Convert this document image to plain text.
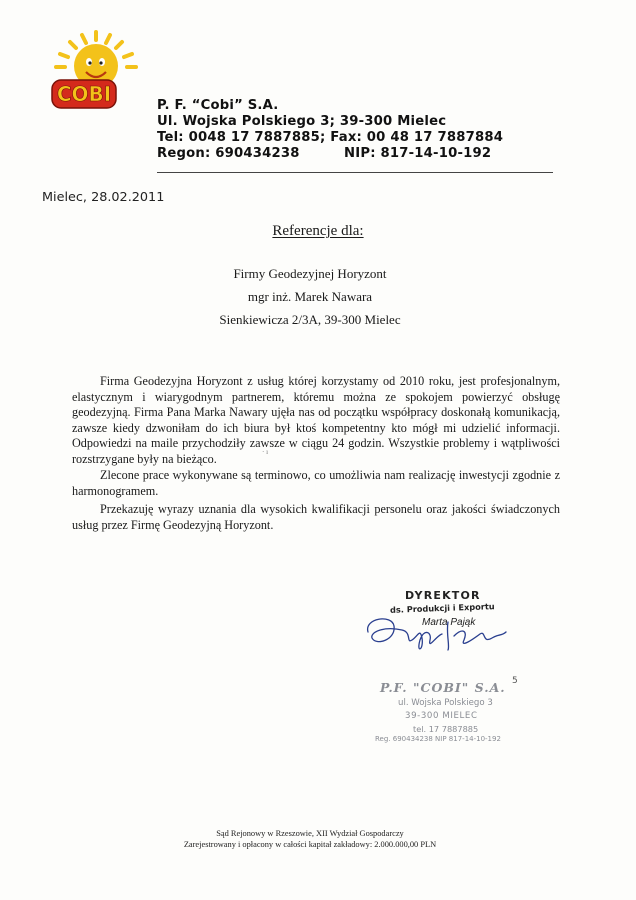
COBI	P. F. “Cobi” S.A.
Ul. Wojska Polskiego 3; 39-300 Mielec
Tel: 0048 17 7887885; Fax: 00 48 17 7887884
Regon: 690434238	NIP: 817-14-10-192
Mielec, 28.02.2011
Referencje dla:
Firmy Geodezyjnej Horyzont
mgr inż. Marek Nawara
Sienkiewicza 2/3A, 39-300 Mielec
Firma Geodezyjna Horyzont z usług której korzystamy od 2010 roku, jest profesjonalnym, elastycznym i wiarygodnym partnerem, któremu można ze spokojem powierzyć obsługę geodezyjną. Firma Pana Marka Nawary ujęła nas od początku współpracy doskonałą komunikacją, zawsze kiedy dzwoniłam do ich biura był ktoś kompetentny kto mógł mi udzielić informacji. Odpowiedzi na maile przychodziły zawsze w ciągu 24 godzin. Wszystkie problemy i wątpliwości rozstrzygane były na bieżąco.	· ı
Zlecone prace wykonywane są terminowo, co umożliwia nam realizację inwestycji zgodnie z harmonogramem.
Przekazuję wyrazy uznania dla wysokich kwalifikacji personelu oraz jakości świadczonych usług przez Firmę Geodezyjną Horyzont.
DYREKTOR
ds. Produkcji i Exportu
Marta Pająk
P.F. "COBI" S.A. 5
ul. Wojska Polskiego 3
39-300 MIELEC
tel. 17 7887885
Reg. 690434238 NIP 817-14-10-192
Sąd Rejonowy w Rzeszowie, XII Wydział Gospodarczy
Zarejestrowany i opłacony w całości kapitał zakładowy: 2.000.000,00 PLN
